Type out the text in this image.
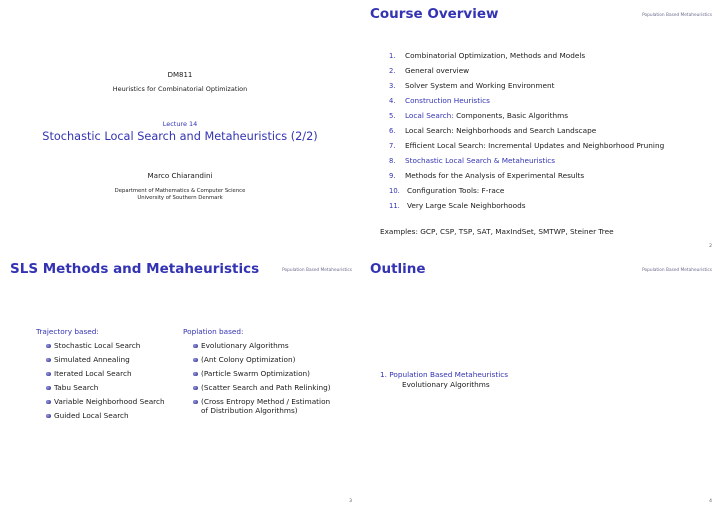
DM811
Heuristics for Combinatorial Optimization
Lecture 14
Stochastic Local Search and Metaheuristics (2/2)
Marco Chiarandini
Department of Mathematics & Computer Science
University of Southern Denmark
Course Overview	Population Based Metaheuristics
1. Combinatorial Optimization, Methods and Models
2. General overview
3. Solver System and Working Environment
4. Construction Heuristics
5. Local Search: Components, Basic Algorithms
6. Local Search: Neighborhoods and Search Landscape
7. Efficient Local Search: Incremental Updates and Neighborhood Pruning
8. Stochastic Local Search & Metaheuristics
9. Methods for the Analysis of Experimental Results
10. Configuration Tools: F-race
11. Very Large Scale Neighborhoods
Examples: GCP, CSP, TSP, SAT, MaxIndSet, SMTWP, Steiner Tree
2
SLS Methods and Metaheuristics	Population Based Metaheuristics
Trajectory based:
Stochastic Local Search
Simulated Annealing
Iterated Local Search
Tabu Search
Variable Neighborhood Search
Guided Local Search
Poplation based:
Evolutionary Algorithms
(Ant Colony Optimization)
(Particle Swarm Optimization)
(Scatter Search and Path Relinking)
(Cross Entropy Method / Estimation of Distribution Algorithms)
3
Outline	Population Based Metaheuristics
1. Population Based Metaheuristics
Evolutionary Algorithms
4
